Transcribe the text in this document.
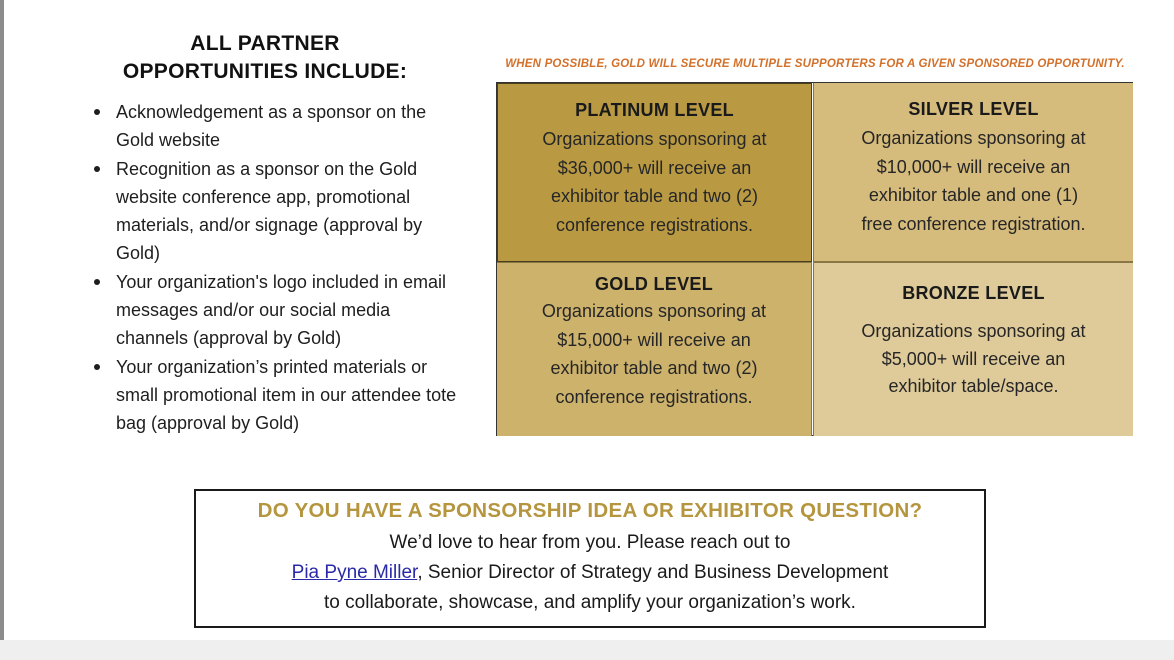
ALL PARTNER
OPPORTUNITIES INCLUDE:
Acknowledgement as a sponsor on the Gold website
Recognition as a sponsor on the Gold website conference app, promotional materials, and/or signage (approval by Gold)
Your organization's logo included in email messages and/or our social media channels (approval by Gold)
Your organization’s printed materials or small promotional item in our attendee tote bag (approval by Gold)
WHEN POSSIBLE, GOLD WILL SECURE MULTIPLE SUPPORTERS FOR A GIVEN SPONSORED OPPORTUNITY.
PLATINUM LEVEL
Organizations sponsoring at
$36,000+ will receive an
exhibitor table and two (2)
conference registrations.
SILVER LEVEL
Organizations sponsoring at
$10,000+ will receive an
exhibitor table and one (1)
free conference registration.
GOLD LEVEL
Organizations sponsoring at
$15,000+ will receive an
exhibitor table and two (2)
conference registrations.
BRONZE LEVEL
Organizations sponsoring at
$5,000+ will receive an
exhibitor table/space.
DO YOU HAVE A SPONSORSHIP IDEA OR EXHIBITOR QUESTION?
We’d love to hear from you. Please reach out to
Pia Pyne Miller, Senior Director of Strategy and Business Development
to collaborate, showcase, and amplify your organization’s work.
